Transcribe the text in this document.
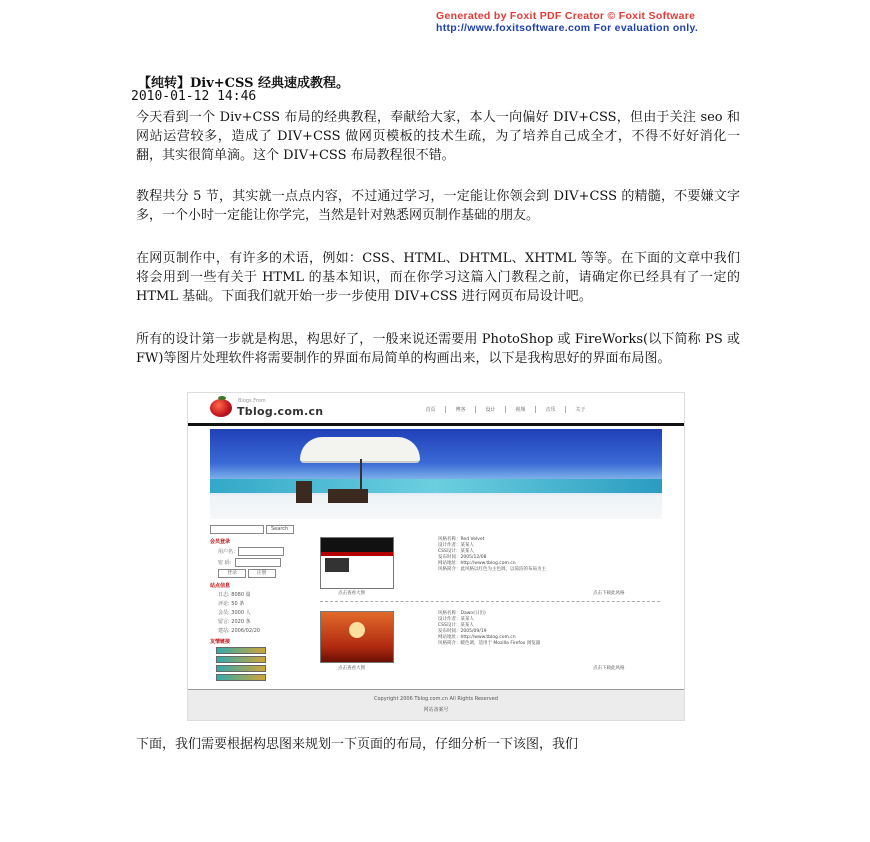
Generated by Foxit PDF Creator © Foxit Software
http://www.foxitsoftware.com For evaluation only.
【纯转】Div+CSS 经典速成教程。
2010-01-12 14:46
今天看到一个 Div+CSS 布局的经典教程，奉献给大家，本人一向偏好 DIV+CSS，但由于关注 seo 和网站运营较多，造成了 DIV+CSS 做网页模板的技术生疏，为了培养自己成全才，不得不好好消化一翻，其实很简单滴。这个 DIV+CSS 布局教程很不错。
教程共分 5 节，其实就一点点内容，不过通过学习，一定能让你领会到 DIV+CSS 的精髓，不要嫌文字多，一个小时一定能让你学完，当然是针对熟悉网页制作基础的朋友。
在网页制作中，有许多的术语，例如：CSS、HTML、DHTML、XHTML 等等。在下面的文章中我们将会用到一些有关于 HTML 的基本知识，而在你学习这篇入门教程之前，请确定你已经具有了一定的 HTML 基础。下面我们就开始一步一步使用 DIV+CSS 进行网页布局设计吧。
所有的设计第一步就是构思，构思好了，一般来说还需要用 PhotoShop 或 FireWorks(以下简称 PS 或 FW)等图片处理软件将需要制作的界面布局简单的构画出来，以下是我构思好的界面布局图。
Blogs From
Tblog.com.cn	首页	博客	设计	视频	音乐	关于
Search
会员登录
用户名：
密 码：
登录	注册
站点信息
日志: 8080 篇
评论: 50 条
会员: 3000 人
留言: 2020 条
建站: 2006/02/20
友情链接
点击查看大图
风格名称：Red Velvet
设计作者：某某人
CSS设计：某某人
发布时间：2005/12/08
网站地址：http://www.tblog.com.cn
风格简介：此风格以红色为主色调，以简洁的布局为主
点击下载此风格
点击查看大图
风格名称：Dawn(日出)
设计作者：某某人
CSS设计：某某人
发布时间：2005/09/19
网站地址：http://www.tblog.com.cn
风格简介：暖色调，适用于 Mozilla Firefox 浏览器
点击下载此风格
Copyright 2006 Tblog.com.cn All Rights Reserved
网站备案号
下面，我们需要根据构思图来规划一下页面的布局，仔细分析一下该图，我们
